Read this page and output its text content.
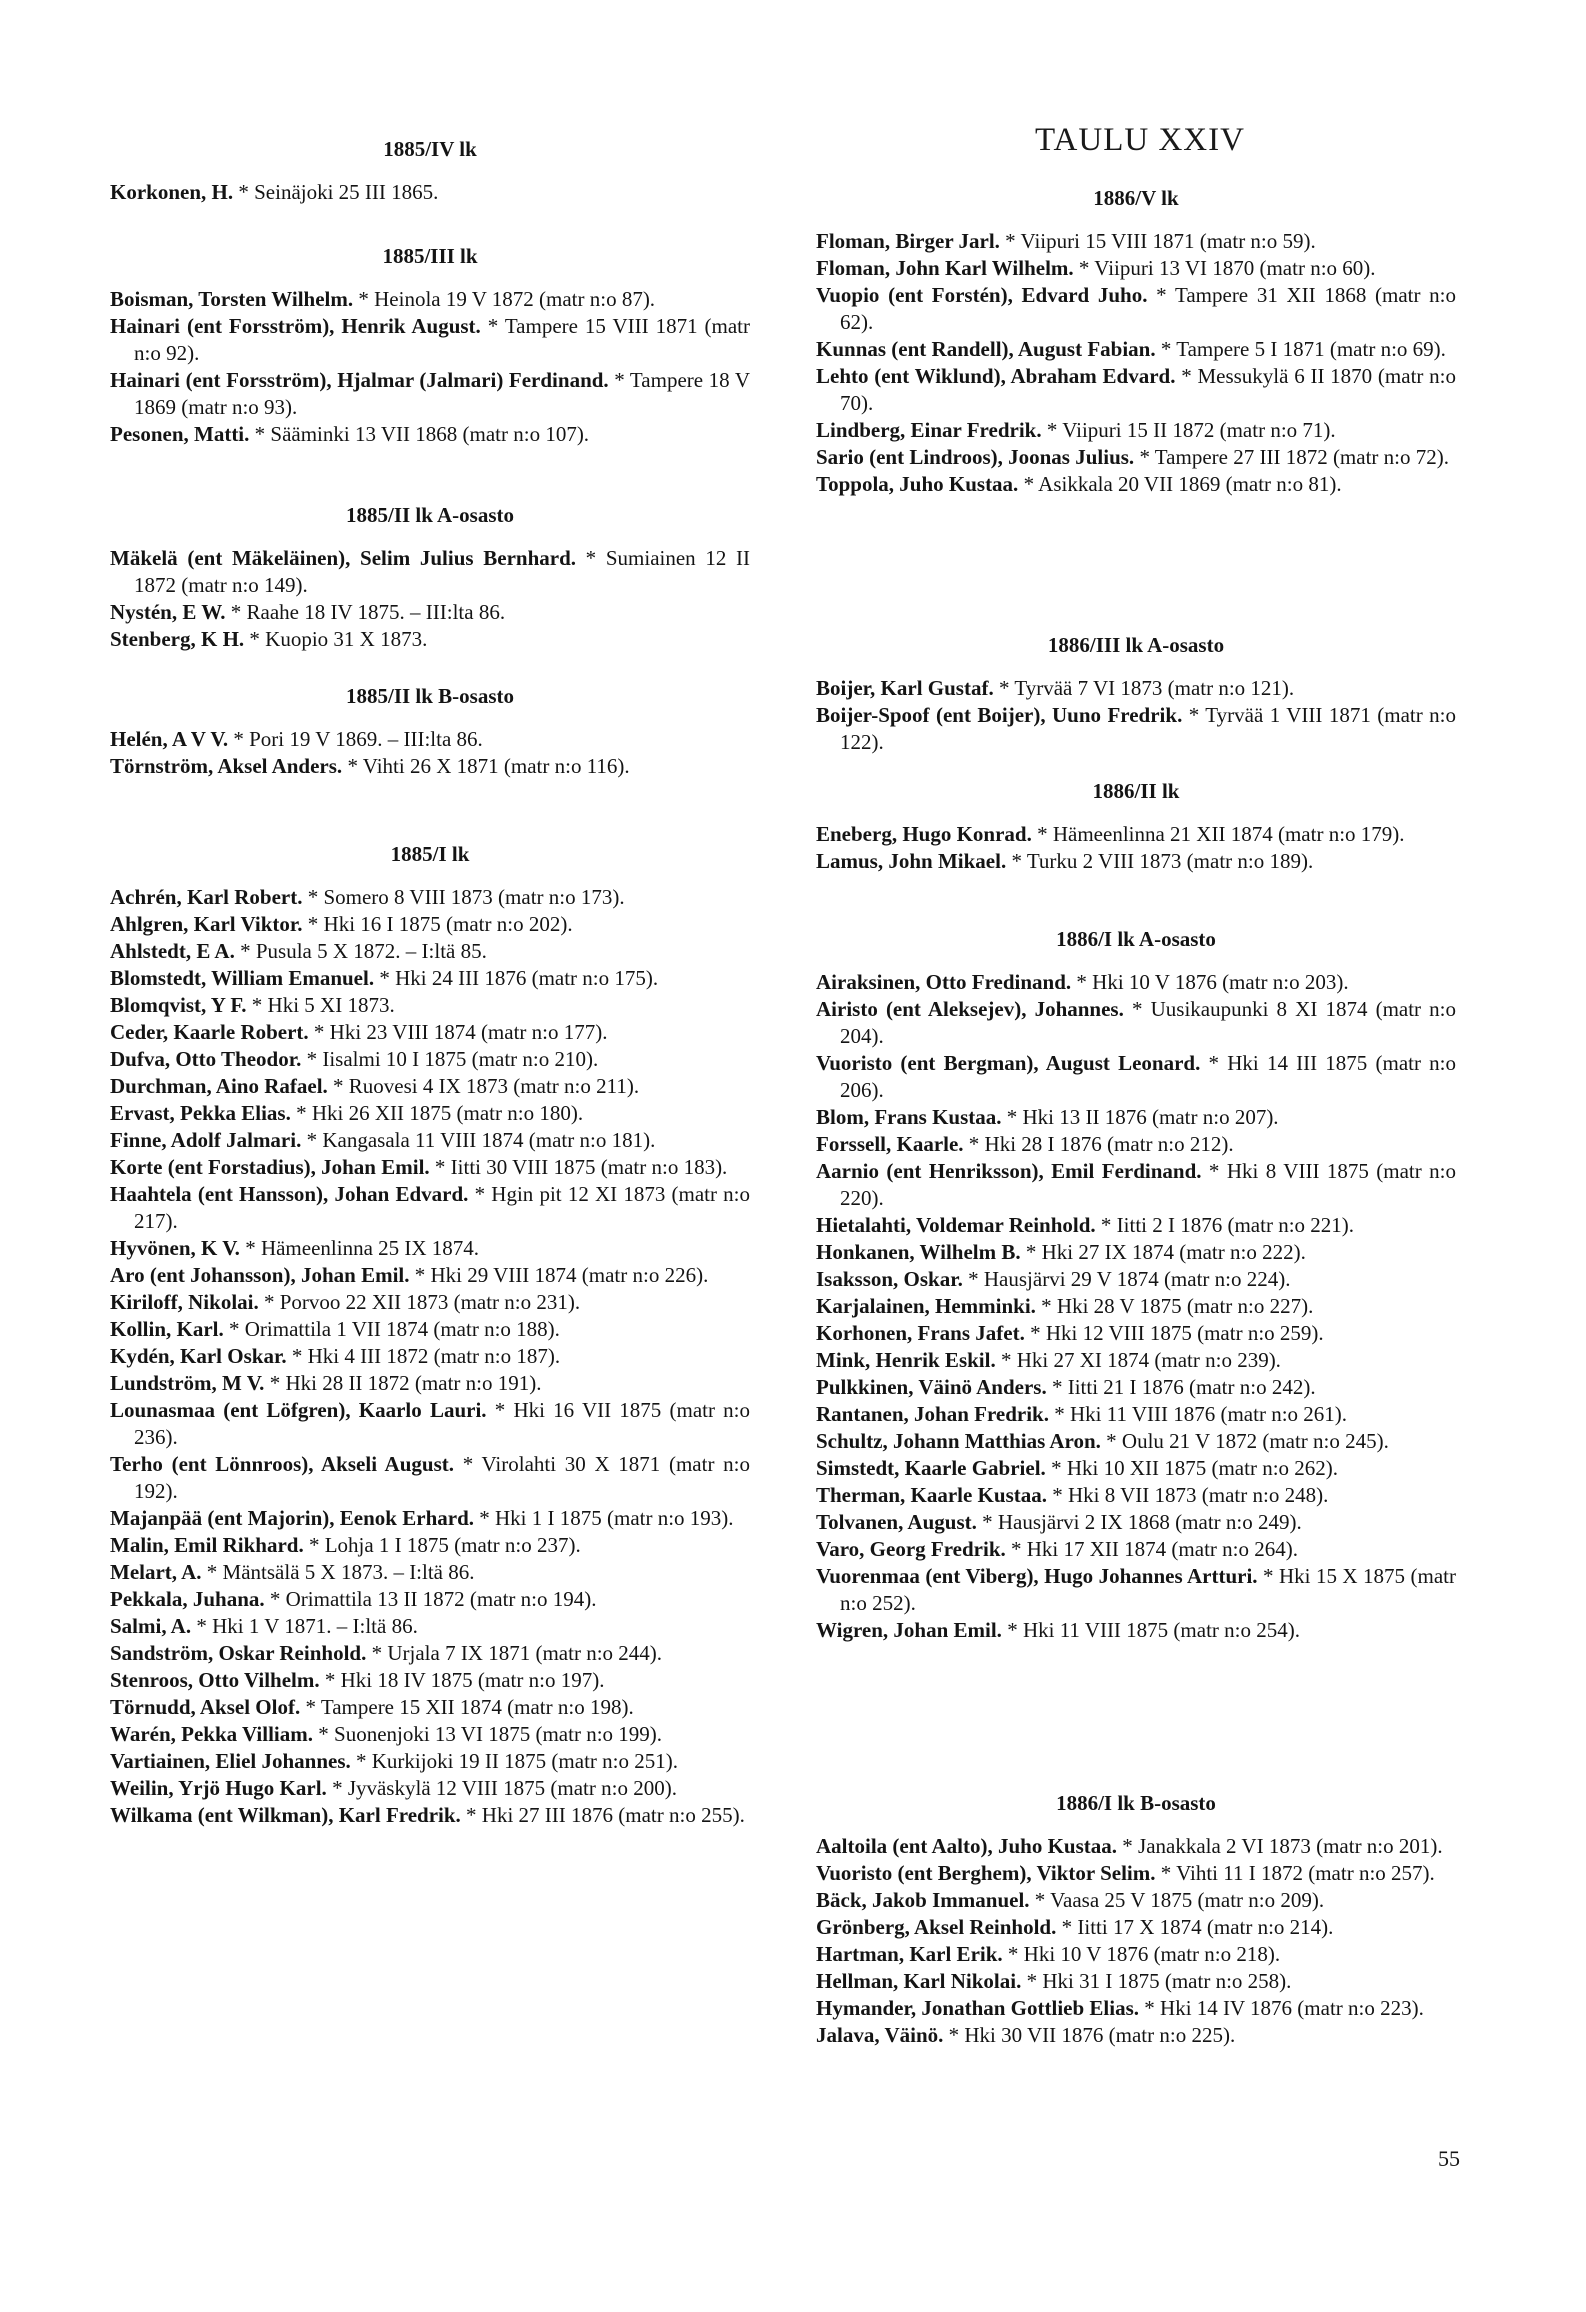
TAULU XXIV
1885/IV lk
Korkonen, H. * Seinäjoki 25 III 1865.
1885/III lk
Boisman, Torsten Wilhelm. * Heinola 19 V 1872 (matr n:o 87).
Hainari (ent Forsström), Henrik August. * Tampere 15 VIII 1871 (matr n:o 92).
Hainari (ent Forsström), Hjalmar (Jalmari) Ferdinand. * Tampere 18 V 1869 (matr n:o 93).
Pesonen, Matti. * Sääminki 13 VII 1868 (matr n:o 107).
1885/II lk A-osasto
Mäkelä (ent Mäkeläinen), Selim Julius Bernhard. * Sumiainen 12 II 1872 (matr n:o 149).
Nystén, E W. * Raahe 18 IV 1875. – III:lta 86.
Stenberg, K H. * Kuopio 31 X 1873.
1885/II lk B-osasto
Helén, A V V. * Pori 19 V 1869. – III:lta 86.
Törnström, Aksel Anders. * Vihti 26 X 1871 (matr n:o 116).
1885/I lk
Achrén, Karl Robert. * Somero 8 VIII 1873 (matr n:o 173).
Ahlgren, Karl Viktor. * Hki 16 I 1875 (matr n:o 202).
Ahlstedt, E A. * Pusula 5 X 1872. – I:ltä 85.
Blomstedt, William Emanuel. * Hki 24 III 1876 (matr n:o 175).
Blomqvist, Y F. * Hki 5 XI 1873.
Ceder, Kaarle Robert. * Hki 23 VIII 1874 (matr n:o 177).
Dufva, Otto Theodor. * Iisalmi 10 I 1875 (matr n:o 210).
Durchman, Aino Rafael. * Ruovesi 4 IX 1873 (matr n:o 211).
Ervast, Pekka Elias. * Hki 26 XII 1875 (matr n:o 180).
Finne, Adolf Jalmari. * Kangasala 11 VIII 1874 (matr n:o 181).
Korte (ent Forstadius), Johan Emil. * Iitti 30 VIII 1875 (matr n:o 183).
Haahtela (ent Hansson), Johan Edvard. * Hgin pit 12 XI 1873 (matr n:o 217).
Hyvönen, K V. * Hämeenlinna 25 IX 1874.
Aro (ent Johansson), Johan Emil. * Hki 29 VIII 1874 (matr n:o 226).
Kiriloff, Nikolai. * Porvoo 22 XII 1873 (matr n:o 231).
Kollin, Karl. * Orimattila 1 VII 1874 (matr n:o 188).
Kydén, Karl Oskar. * Hki 4 III 1872 (matr n:o 187).
Lundström, M V. * Hki 28 II 1872 (matr n:o 191).
Lounasmaa (ent Löfgren), Kaarlo Lauri. * Hki 16 VII 1875 (matr n:o 236).
Terho (ent Lönnroos), Akseli August. * Virolahti 30 X 1871 (matr n:o 192).
Majanpää (ent Majorin), Eenok Erhard. * Hki 1 I 1875 (matr n:o 193).
Malin, Emil Rikhard. * Lohja 1 I 1875 (matr n:o 237).
Melart, A. * Mäntsälä 5 X 1873. – I:ltä 86.
Pekkala, Juhana. * Orimattila 13 II 1872 (matr n:o 194).
Salmi, A. * Hki 1 V 1871. – I:ltä 86.
Sandström, Oskar Reinhold. * Urjala 7 IX 1871 (matr n:o 244).
Stenroos, Otto Vilhelm. * Hki 18 IV 1875 (matr n:o 197).
Törnudd, Aksel Olof. * Tampere 15 XII 1874 (matr n:o 198).
Warén, Pekka Villiam. * Suonenjoki 13 VI 1875 (matr n:o 199).
Vartiainen, Eliel Johannes. * Kurkijoki 19 II 1875 (matr n:o 251).
Weilin, Yrjö Hugo Karl. * Jyväskylä 12 VIII 1875 (matr n:o 200).
Wilkama (ent Wilkman), Karl Fredrik. * Hki 27 III 1876 (matr n:o 255).
1886/V lk
Floman, Birger Jarl. * Viipuri 15 VIII 1871 (matr n:o 59).
Floman, John Karl Wilhelm. * Viipuri 13 VI 1870 (matr n:o 60).
Vuopio (ent Forstén), Edvard Juho. * Tampere 31 XII 1868 (matr n:o 62).
Kunnas (ent Randell), August Fabian. * Tampere 5 I 1871 (matr n:o 69).
Lehto (ent Wiklund), Abraham Edvard. * Messukylä 6 II 1870 (matr n:o 70).
Lindberg, Einar Fredrik. * Viipuri 15 II 1872 (matr n:o 71).
Sario (ent Lindroos), Joonas Julius. * Tampere 27 III 1872 (matr n:o 72).
Toppola, Juho Kustaa. * Asikkala 20 VII 1869 (matr n:o 81).
1886/III lk A-osasto
Boijer, Karl Gustaf. * Tyrvää 7 VI 1873 (matr n:o 121).
Boijer-Spoof (ent Boijer), Uuno Fredrik. * Tyrvää 1 VIII 1871 (matr n:o 122).
1886/II lk
Eneberg, Hugo Konrad. * Hämeenlinna 21 XII 1874 (matr n:o 179).
Lamus, John Mikael. * Turku 2 VIII 1873 (matr n:o 189).
1886/I lk A-osasto
Airaksinen, Otto Fredinand. * Hki 10 V 1876 (matr n:o 203).
Airisto (ent Aleksejev), Johannes. * Uusikaupunki 8 XI 1874 (matr n:o 204).
Vuoristo (ent Bergman), August Leonard. * Hki 14 III 1875 (matr n:o 206).
Blom, Frans Kustaa. * Hki 13 II 1876 (matr n:o 207).
Forssell, Kaarle. * Hki 28 I 1876 (matr n:o 212).
Aarnio (ent Henriksson), Emil Ferdinand. * Hki 8 VIII 1875 (matr n:o 220).
Hietalahti, Voldemar Reinhold. * Iitti 2 I 1876 (matr n:o 221).
Honkanen, Wilhelm B. * Hki 27 IX 1874 (matr n:o 222).
Isaksson, Oskar. * Hausjärvi 29 V 1874 (matr n:o 224).
Karjalainen, Hemminki. * Hki 28 V 1875 (matr n:o 227).
Korhonen, Frans Jafet. * Hki 12 VIII 1875 (matr n:o 259).
Mink, Henrik Eskil. * Hki 27 XI 1874 (matr n:o 239).
Pulkkinen, Väinö Anders. * Iitti 21 I 1876 (matr n:o 242).
Rantanen, Johan Fredrik. * Hki 11 VIII 1876 (matr n:o 261).
Schultz, Johann Matthias Aron. * Oulu 21 V 1872 (matr n:o 245).
Simstedt, Kaarle Gabriel. * Hki 10 XII 1875 (matr n:o 262).
Therman, Kaarle Kustaa. * Hki 8 VII 1873 (matr n:o 248).
Tolvanen, August. * Hausjärvi 2 IX 1868 (matr n:o 249).
Varo, Georg Fredrik. * Hki 17 XII 1874 (matr n:o 264).
Vuorenmaa (ent Viberg), Hugo Johannes Artturi. * Hki 15 X 1875 (matr n:o 252).
Wigren, Johan Emil. * Hki 11 VIII 1875 (matr n:o 254).
1886/I lk B-osasto
Aaltoila (ent Aalto), Juho Kustaa. * Janakkala 2 VI 1873 (matr n:o 201).
Vuoristo (ent Berghem), Viktor Selim. * Vihti 11 I 1872 (matr n:o 257).
Bäck, Jakob Immanuel. * Vaasa 25 V 1875 (matr n:o 209).
Grönberg, Aksel Reinhold. * Iitti 17 X 1874 (matr n:o 214).
Hartman, Karl Erik. * Hki 10 V 1876 (matr n:o 218).
Hellman, Karl Nikolai. * Hki 31 I 1875 (matr n:o 258).
Hymander, Jonathan Gottlieb Elias. * Hki 14 IV 1876 (matr n:o 223).
Jalava, Väinö. * Hki 30 VII 1876 (matr n:o 225).
55
